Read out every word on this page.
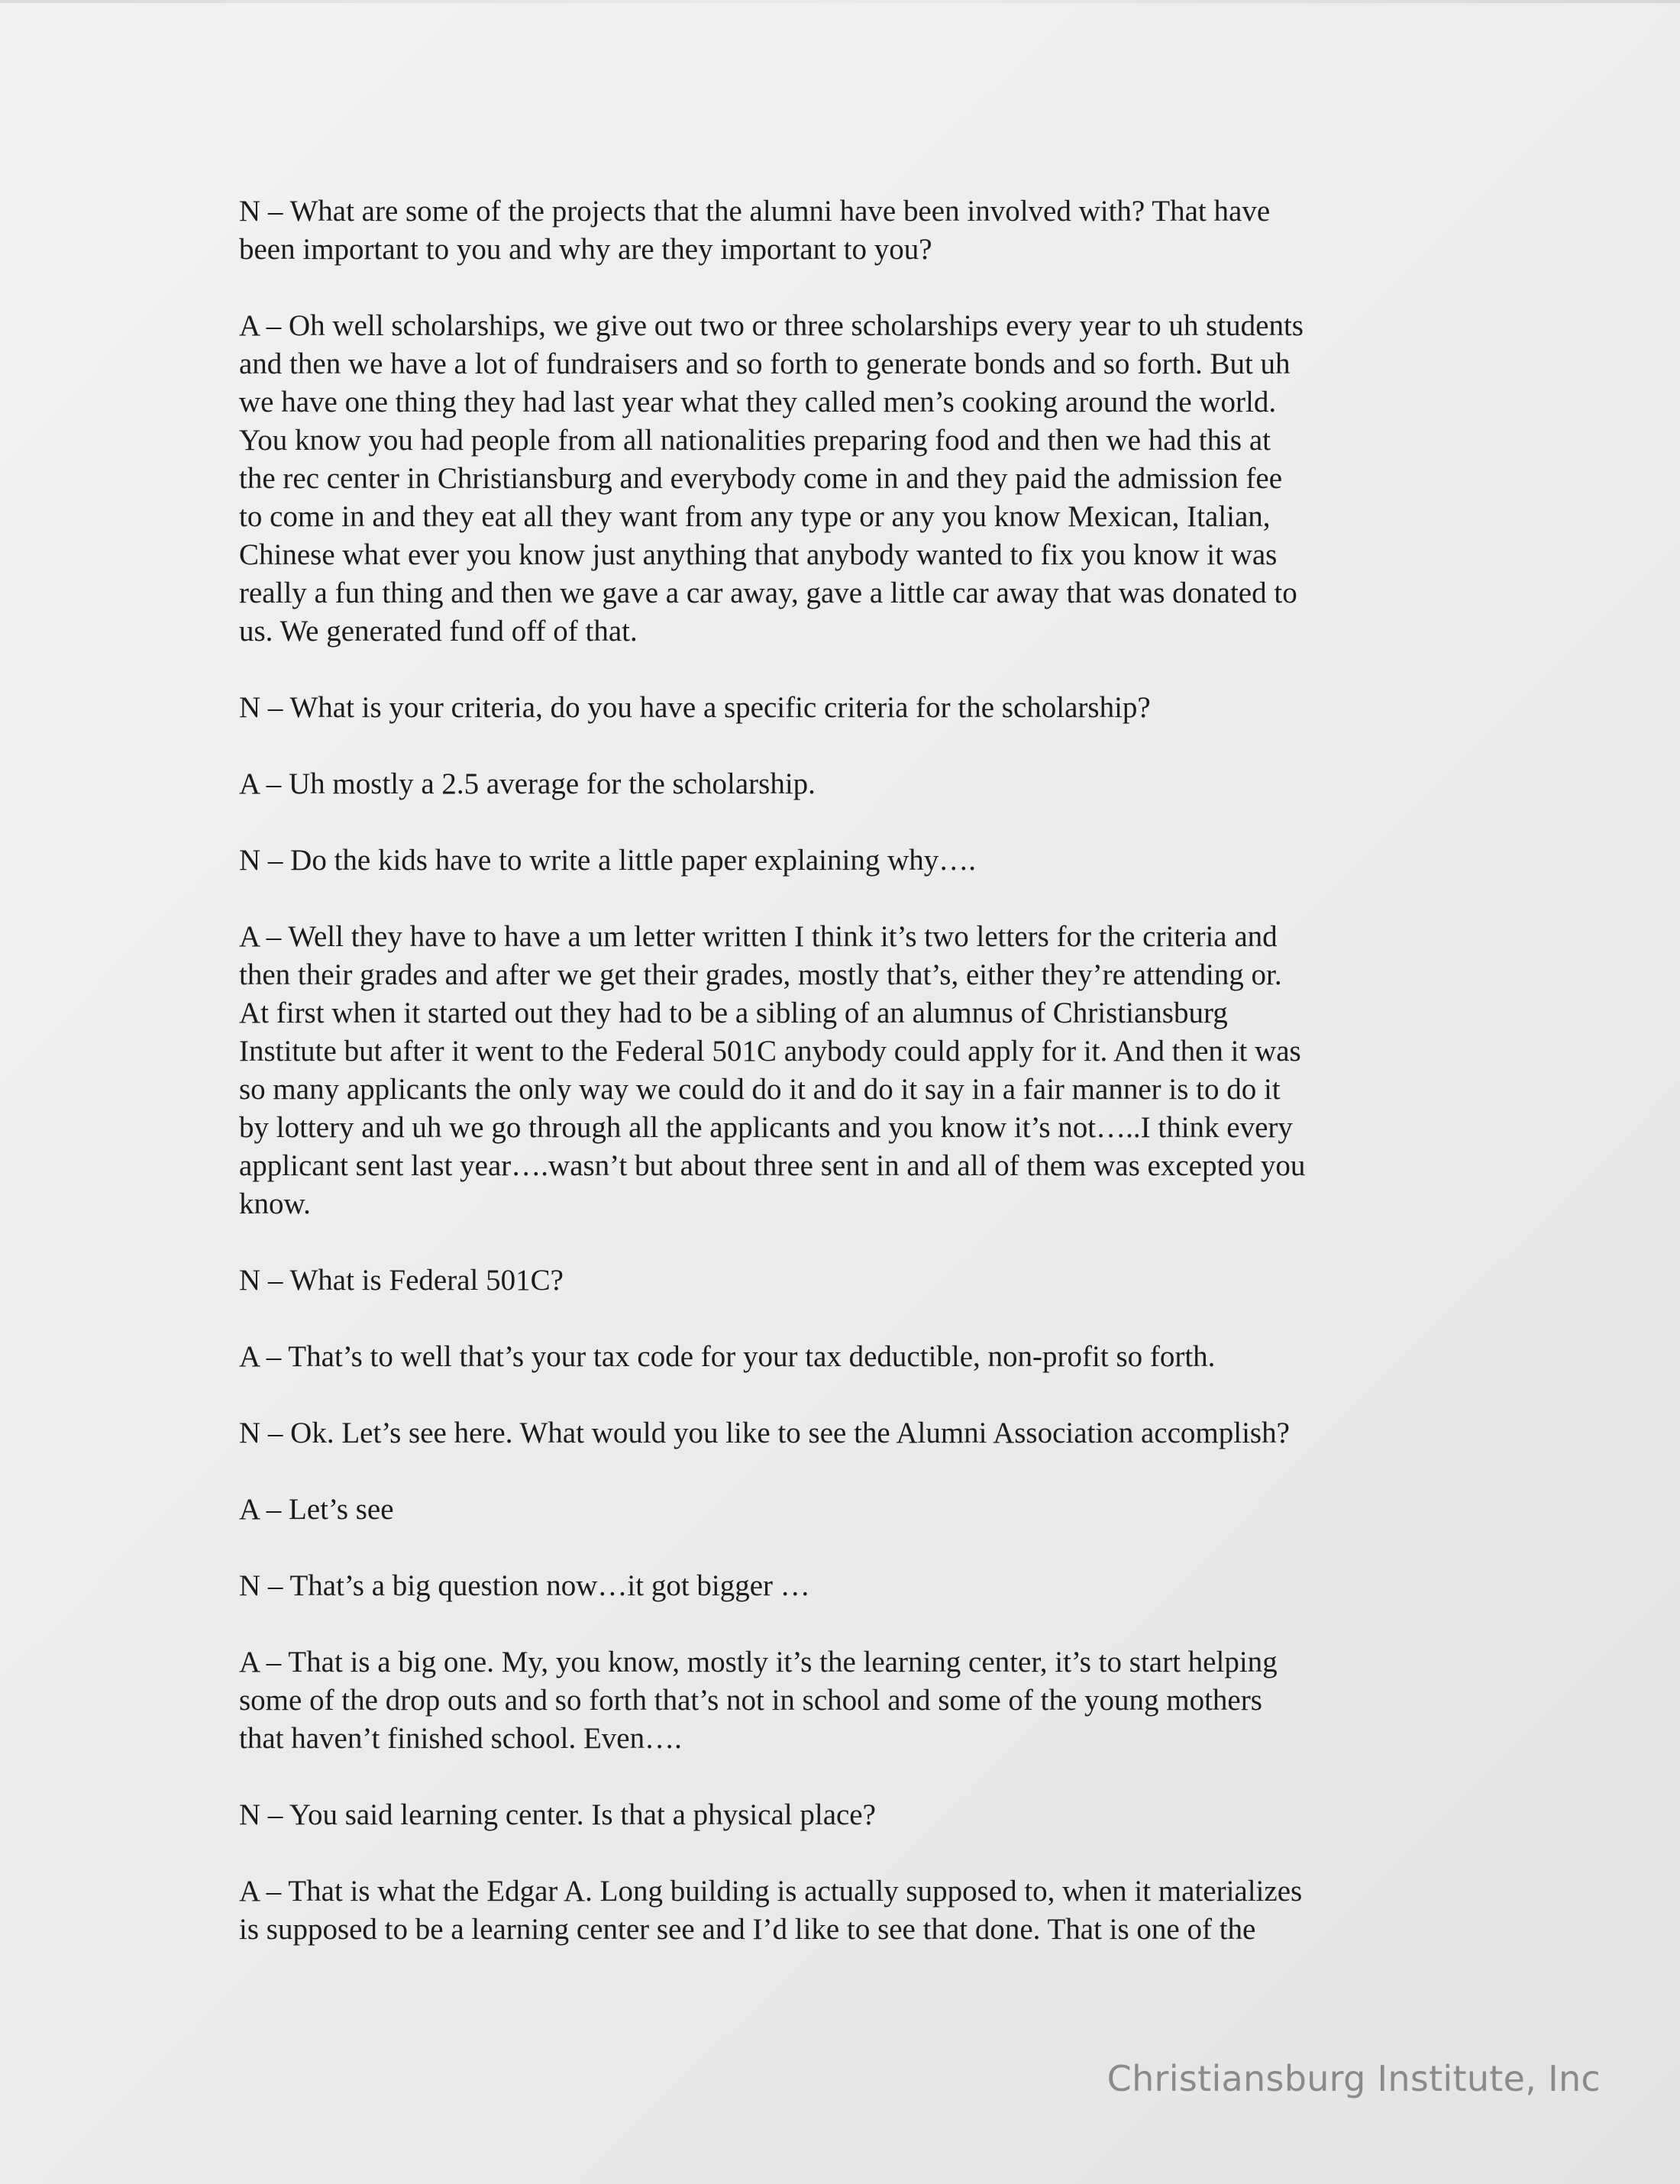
N – What are some of the projects that the alumni have been involved with? That have
been important to you and why are they important to you?

A – Oh well scholarships, we give out two or three scholarships every year to uh students
and then we have a lot of fundraisers and so forth to generate bonds and so forth. But uh
we have one thing they had last year what they called men’s cooking around the world.
You know you had people from all nationalities preparing food and then we had this at
the rec center in Christiansburg and everybody come in and they paid the admission fee
to come in and they eat all they want from any type or any you know Mexican, Italian,
Chinese what ever you know just anything that anybody wanted to fix you know it was
really a fun thing and then we gave a car away, gave a little car away that was donated to
us. We generated fund off of that.

N – What is your criteria, do you have a specific criteria for the scholarship?

A – Uh mostly a 2.5 average for the scholarship.

N – Do the kids have to write a little paper explaining why….

A – Well they have to have a um letter written I think it’s two letters for the criteria and
then their grades and after we get their grades, mostly that’s, either they’re attending or.
At first when it started out they had to be a sibling of an alumnus of Christiansburg
Institute but after it went to the Federal 501C anybody could apply for it. And then it was
so many applicants the only way we could do it and do it say in a fair manner is to do it
by lottery and uh we go through all the applicants and you know it’s not…..I think every
applicant sent last year….wasn’t but about three sent in and all of them was excepted you
know.

N – What is Federal 501C?

A – That’s to well that’s your tax code for your tax deductible, non-profit so forth.

N – Ok. Let’s see here. What would you like to see the Alumni Association accomplish?

A – Let’s see

N – That’s a big question now…it got bigger …

A – That is a big one. My, you know, mostly it’s the learning center, it’s to start helping
some of the drop outs and so forth that’s not in school and some of the young mothers
that haven’t finished school. Even….

N – You said learning center. Is that a physical place?

A – That is what the Edgar A. Long building is actually supposed to, when it materializes
is supposed to be a learning center see and I’d like to see that done. That is one of the

Christiansburg Institute, Inc
